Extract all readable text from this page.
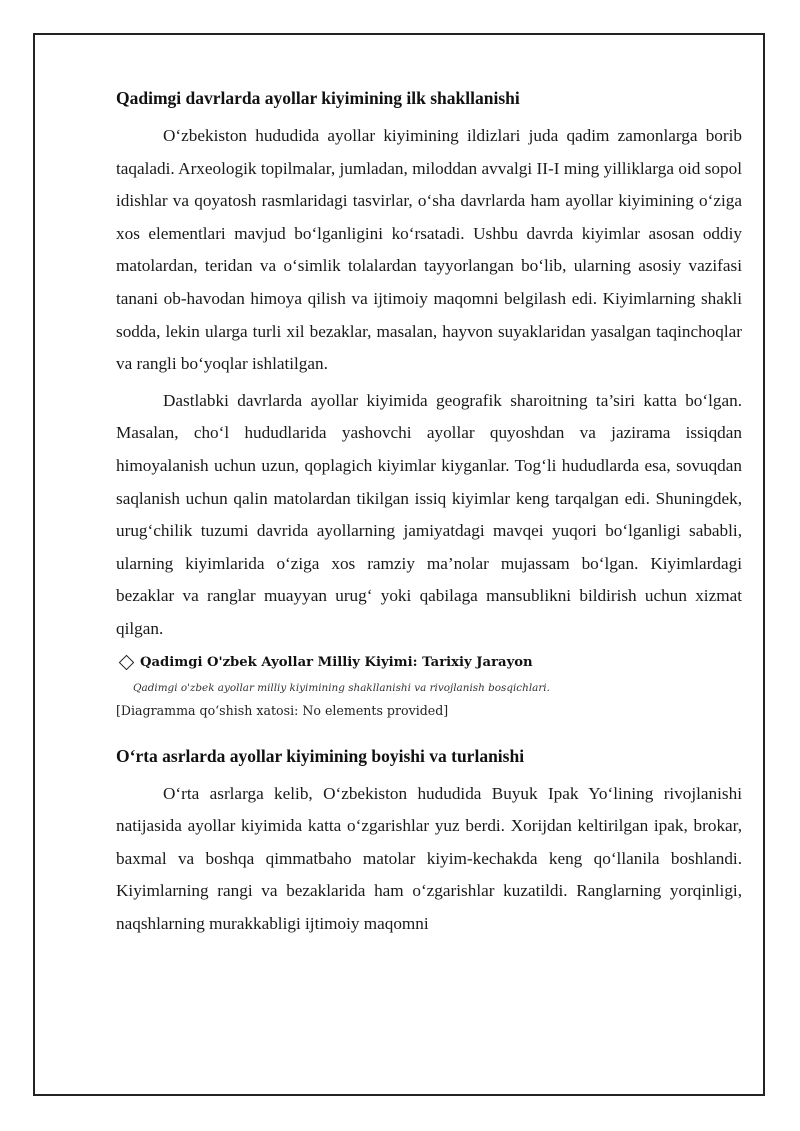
Qadimgi davrlarda ayollar kiyimining ilk shakllanishi

O‘zbekiston hududida ayollar kiyimining ildizlari juda qadim zamonlarga borib taqaladi. Arxeologik topilmalar, jumladan, miloddan avvalgi II-I ming yilliklarga oid sopol idishlar va qoyatosh rasmlaridagi tasvirlar, o‘sha davrlarda ham ayollar kiyimining o‘ziga xos elementlari mavjud bo‘lganligini ko‘rsatadi. Ushbu davrda kiyimlar asosan oddiy matolardan, teridan va o‘simlik tolalardan tayyorlangan bo‘lib, ularning asosiy vazifasi tanani ob-havodan himoya qilish va ijtimoiy maqomni belgilash edi. Kiyimlarning shakli sodda, lekin ularga turli xil bezaklar, masalan, hayvon suyaklaridan yasalgan taqinchoqlar va rangli bo‘yoqlar ishlatilgan.

Dastlabki davrlarda ayollar kiyimida geografik sharoitning ta’siri katta bo‘lgan. Masalan, cho‘l hududlarida yashovchi ayollar quyoshdan va jazirama issiqdan himoyalanish uchun uzun, qoplagich kiyimlar kiyganlar. Tog‘li hududlarda esa, sovuqdan saqlanish uchun qalin matolardan tikilgan issiq kiyimlar keng tarqalgan edi. Shuningdek, urug‘chilik tuzumi davrida ayollarning jamiyatdagi mavqei yuqori bo‘lganligi sababli, ularning kiyimlarida o‘ziga xos ramziy ma’nolar mujassam bo‘lgan. Kiyimlardagi bezaklar va ranglar muayyan urug‘ yoki qabilaga mansublikni bildirish uchun xizmat qilgan.

Qadimgi O'zbek Ayollar Milliy Kiyimi: Tarixiy Jarayon
Qadimgi o'zbek ayollar milliy kiyimining shakllanishi va rivojlanish bosqichlari.
[Diagramma qo‘shish xatosi: No elements provided]
O‘rta asrlarda ayollar kiyimining boyishi va turlanishi

O‘rta asrlarga kelib, O‘zbekiston hududida Buyuk Ipak Yo‘lining rivojlanishi natijasida ayollar kiyimida katta o‘zgarishlar yuz berdi. Xorijdan keltirilgan ipak, brokar, baxmal va boshqa qimmatbaho matolar kiyim-kechakda keng qo‘llanila boshlandi. Kiyimlarning rangi va bezaklarida ham o‘zgarishlar kuzatildi. Ranglarning yorqinligi, naqshlarning murakkabligi ijtimoiy maqomni
